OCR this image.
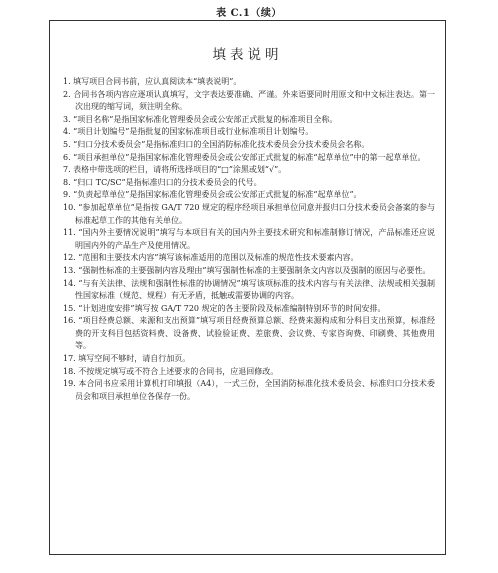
表 C.1（续）
填表说明
1. 填写项目合同书前，应认真阅读本“填表说明”。
2. 合同书各项内容应逐项认真填写，文字表达要准确、严谨。外来语要同时用原文和中文标注表达。第一次出现的缩写词，须注明全称。
3. “项目名称”是指国家标准化管理委员会或公安部正式批复的标准项目全称。
4. “项目计划编号”是指批复的国家标准项目或行业标准项目计划编号。
5. “归口分技术委员会”是指标准归口的全国消防标准化技术委员会分技术委员会名称。
6. “项目承担单位”是指国家标准化管理委员会或公安部正式批复的标准“起草单位”中的第一起草单位。
7. 表格中带选项的栏目，请将所选择项目的“□”涂黑或划“√”。
8. “归口 TC/SC”是指标准归口的分技术委员会的代号。
9. “负责起草单位”是指国家标准化管理委员会或公安部正式批复的标准“起草单位”。
10. “参加起草单位”是指按 GA/T 720 规定的程序经项目承担单位同意并报归口分技术委员会备案的参与标准起草工作的其他有关单位。
11. “国内外主要情况说明”填写与本项目有关的国内外主要技术研究和标准制修订情况，产品标准还应说明国内外的产品生产及使用情况。
12. “范围和主要技术内容”填写该标准适用的范围以及标准的规范性技术要素内容。
13. “强制性标准的主要强制内容及理由”填写强制性标准的主要强制条文内容以及强制的原因与必要性。
14. “与有关法律、法规和强制性标准的协调情况”填写该项标准的技术内容与有关法律、法规或相关强制性国家标准（规范、规程）有无矛盾，抵触或需要协调的内容。
15. “计划进度安排”填写按 GA/T 720 规定的各主要阶段及标准编制特别环节的时间安排。
16. “项目经费总额、来源和支出预算”填写项目经费预算总额、经费来源构成和分科目支出预算，标准经费的开支科目包括资料费、设备费、试验验证费、差旅费、会议费、专家咨询费、印刷费、其他费用等。
17. 填写空间不够时，请自行加页。
18. 不按规定填写或不符合上述要求的合同书，应退回修改。
19. 本合同书应采用计算机打印填报（A4），一式三份，全国消防标准化技术委员会、标准归口分技术委员会和项目承担单位各保存一份。
